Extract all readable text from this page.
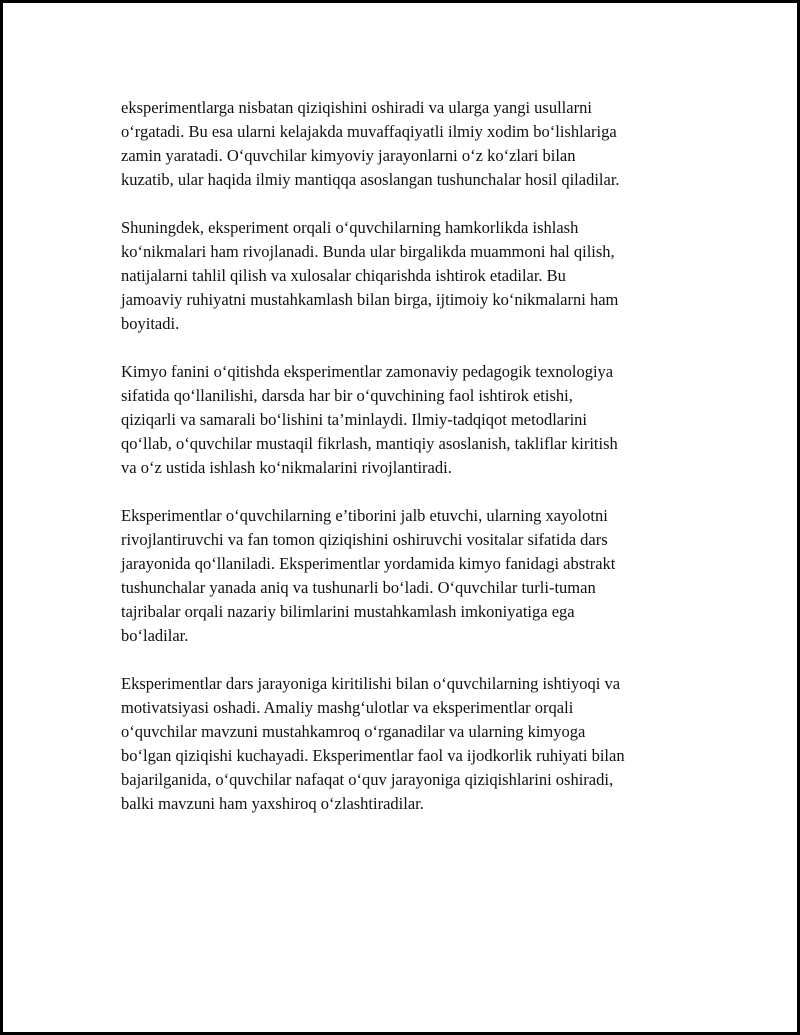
eksperimentlarga nisbatan qiziqishini oshiradi va ularga yangi usullarni
o‘rgatadi. Bu esa ularni kelajakda muvaffaqiyatli ilmiy xodim bo‘lishlariga
zamin yaratadi. O‘quvchilar kimyoviy jarayonlarni o‘z ko‘zlari bilan
kuzatib, ular haqida ilmiy mantiqqa asoslangan tushunchalar hosil qiladilar.

Shuningdek, eksperiment orqali o‘quvchilarning hamkorlikda ishlash
ko‘nikmalari ham rivojlanadi. Bunda ular birgalikda muammoni hal qilish,
natijalarni tahlil qilish va xulosalar chiqarishda ishtirok etadilar. Bu
jamoaviy ruhiyatni mustahkamlash bilan birga, ijtimoiy ko‘nikmalarni ham
boyitadi.

Kimyo fanini o‘qitishda eksperimentlar zamonaviy pedagogik texnologiya
sifatida qo‘llanilishi, darsda har bir o‘quvchining faol ishtirok etishi,
qiziqarli va samarali bo‘lishini ta’minlaydi. Ilmiy-tadqiqot metodlarini
qo‘llab, o‘quvchilar mustaqil fikrlash, mantiqiy asoslanish, takliflar kiritish
va o‘z ustida ishlash ko‘nikmalarini rivojlantiradi.

Eksperimentlar o‘quvchilarning e’tiborini jalb etuvchi, ularning xayolotni
rivojlantiruvchi va fan tomon qiziqishini oshiruvchi vositalar sifatida dars
jarayonida qo‘llaniladi. Eksperimentlar yordamida kimyo fanidagi abstrakt
tushunchalar yanada aniq va tushunarli bo‘ladi. O‘quvchilar turli-tuman
tajribalar orqali nazariy bilimlarini mustahkamlash imkoniyatiga ega
bo‘ladilar.

Eksperimentlar dars jarayoniga kiritilishi bilan o‘quvchilarning ishtiyoqi va
motivatsiyasi oshadi. Amaliy mashg‘ulotlar va eksperimentlar orqali
o‘quvchilar mavzuni mustahkamroq o‘rganadilar va ularning kimyoga
bo‘lgan qiziqishi kuchayadi. Eksperimentlar faol va ijodkorlik ruhiyati bilan
bajarilganida, o‘quvchilar nafaqat o‘quv jarayoniga qiziqishlarini oshiradi,
balki mavzuni ham yaxshiroq o‘zlashtiradilar.
